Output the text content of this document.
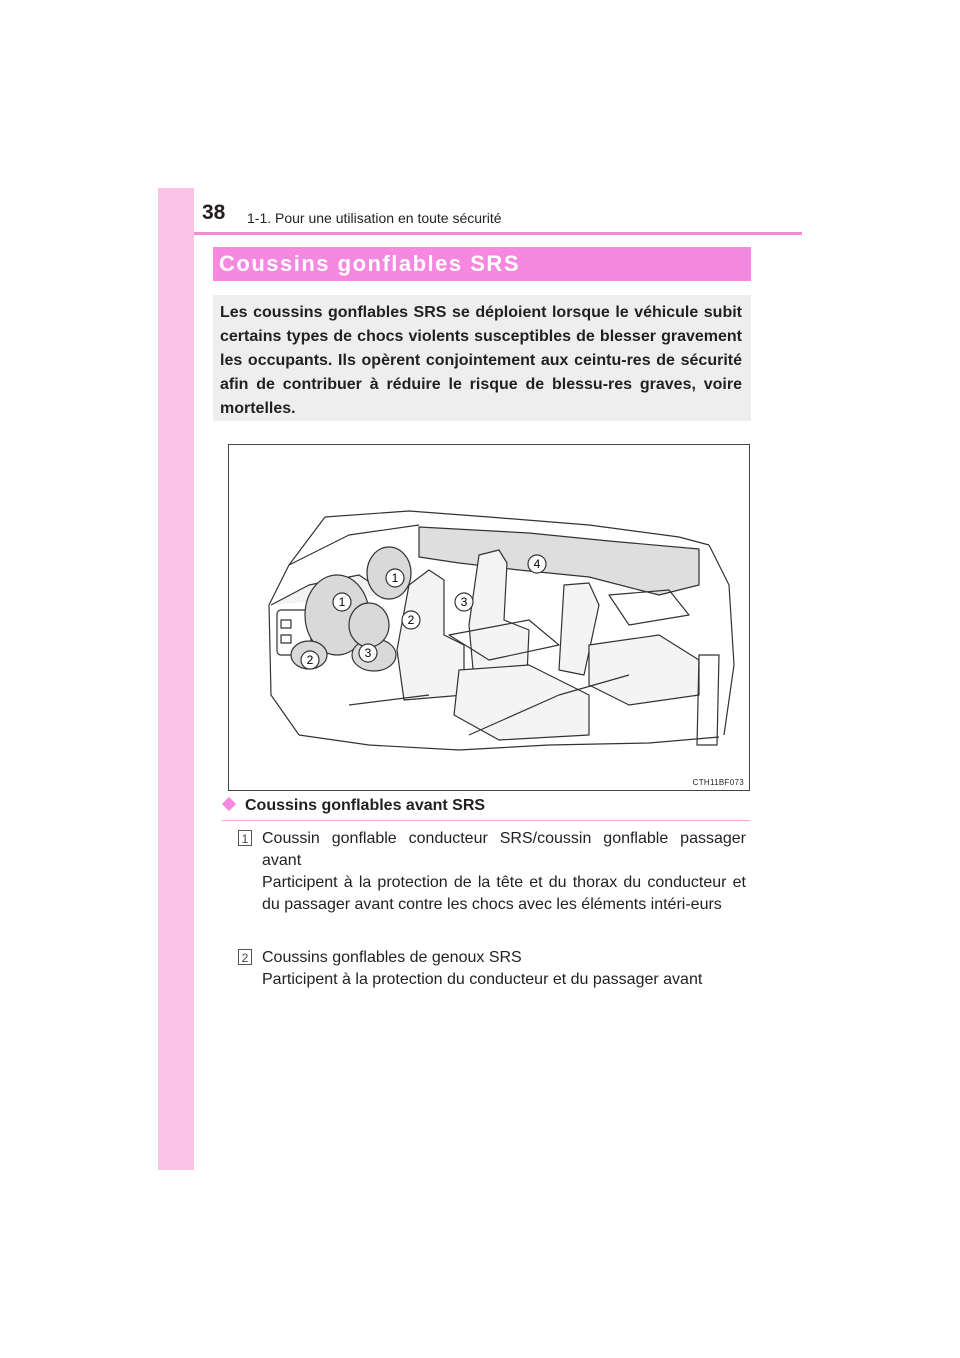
38 1-1. Pour une utilisation en toute sécurité
Coussins gonflables SRS
Les coussins gonflables SRS se déploient lorsque le véhicule subit certains types de chocs violents susceptibles de blesser gravement les occupants. Ils opèrent conjointement aux ceintu-res de sécurité afin de contribuer à réduire le risque de blessu-res graves, voire mortelles.
1
1
2
2
3
3
4
CTH11BF073
Coussins gonflables avant SRS
1 Coussin gonflable conducteur SRS/coussin gonflable passager avant

Participent à la protection de la tête et du thorax du conducteur et du passager avant contre les chocs avec les éléments intéri-eurs

2 Coussins gonflables de genoux SRS

Participent à la protection du conducteur et du passager avant
